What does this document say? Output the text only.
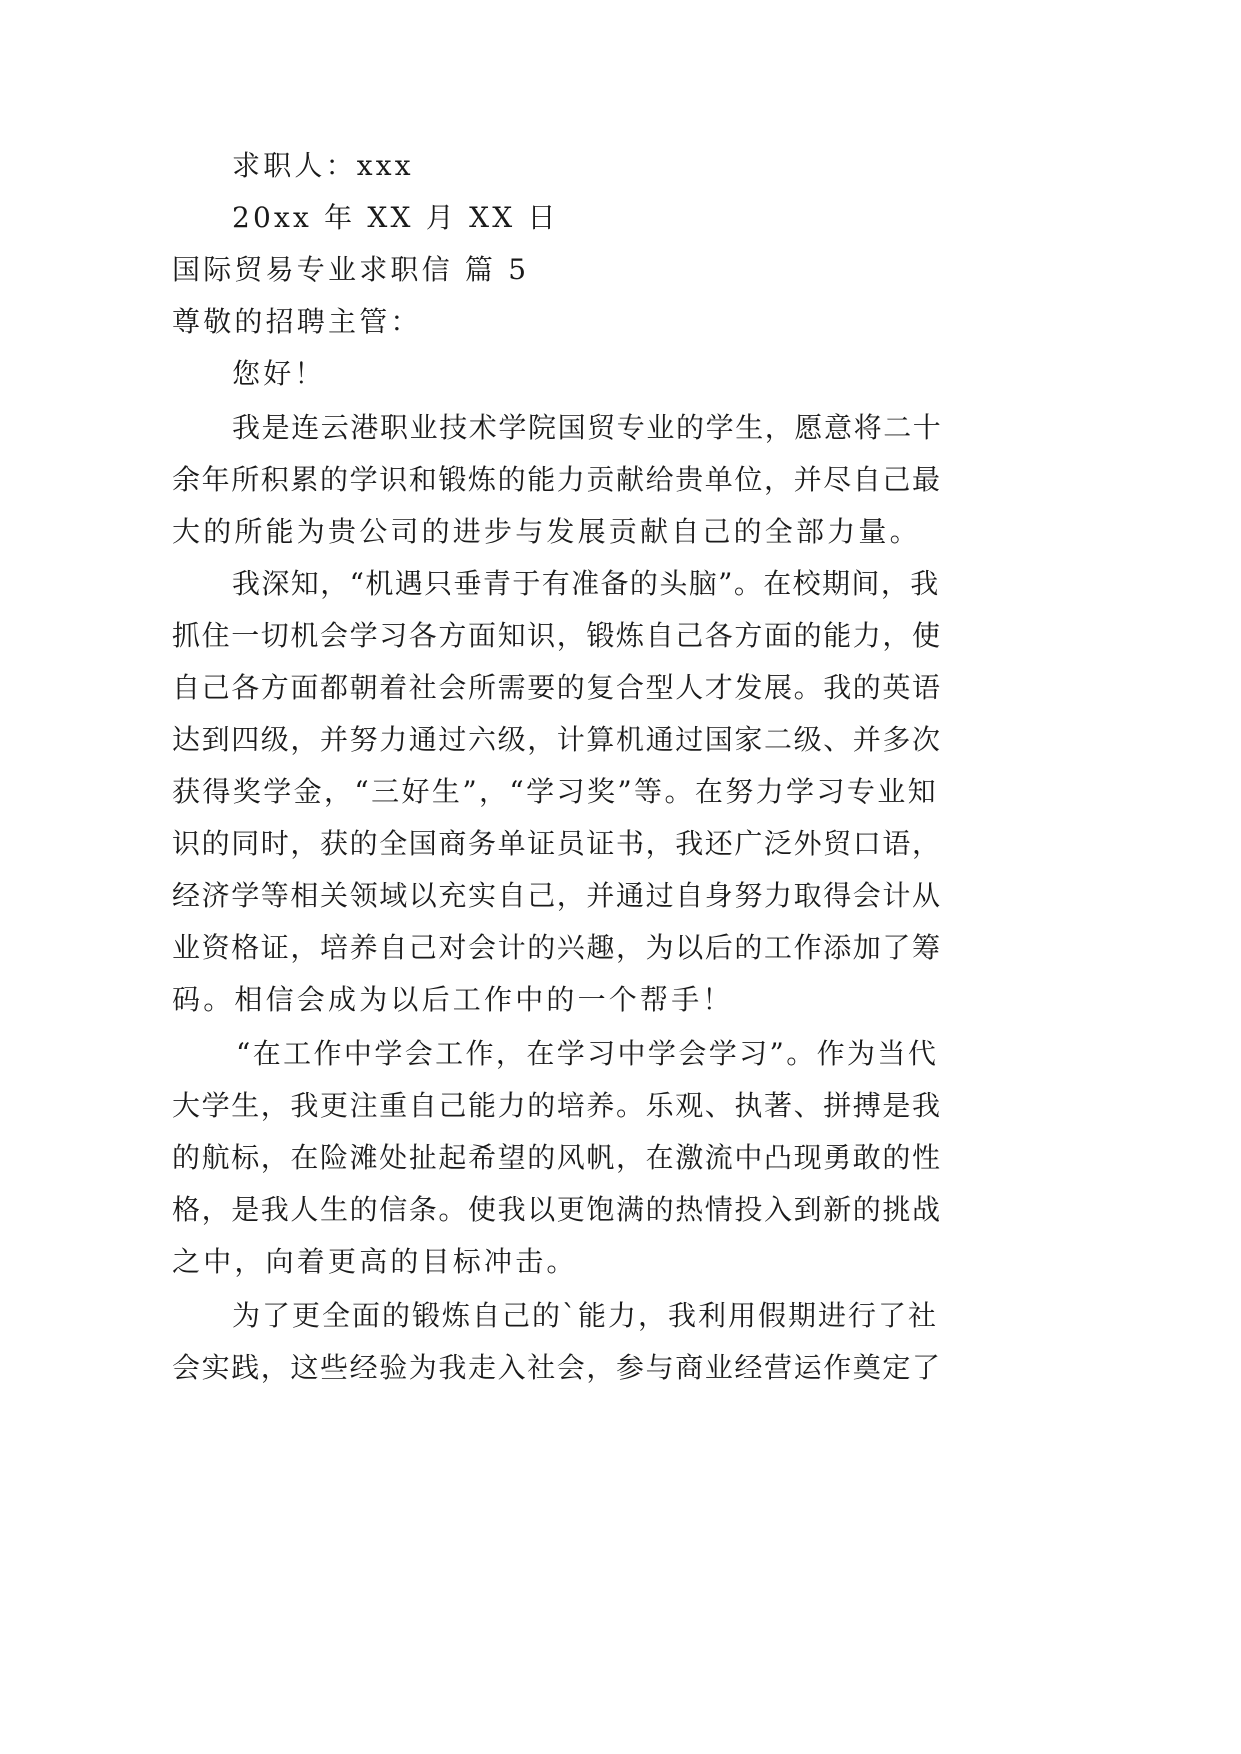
求职人：xxx
20xx 年 XX 月 XX 日
国际贸易专业求职信 篇 5
尊敬的招聘主管：
您好！
我是连云港职业技术学院国贸专业的学生，愿意将二十
余年所积累的学识和锻炼的能力贡献给贵单位，并尽自己最
大的所能为贵公司的进步与发展贡献自己的全部力量。
我深知，“机遇只垂青于有准备的头脑”。在校期间，我
抓住一切机会学习各方面知识，锻炼自己各方面的能力，使
自己各方面都朝着社会所需要的复合型人才发展。我的英语
达到四级，并努力通过六级，计算机通过国家二级、并多次
获得奖学金，“三好生”，“学习奖”等。在努力学习专业知
识的同时，获的全国商务单证员证书，我还广泛外贸口语，
经济学等相关领域以充实自己，并通过自身努力取得会计从
业资格证，培养自己对会计的兴趣，为以后的工作添加了筹
码。相信会成为以后工作中的一个帮手！
“在工作中学会工作，在学习中学会学习”。作为当代
大学生，我更注重自己能力的培养。乐观、执著、拼搏是我
的航标，在险滩处扯起希望的风帆，在激流中凸现勇敢的性
格，是我人生的信条。使我以更饱满的热情投入到新的挑战
之中，向着更高的目标冲击。
为了更全面的锻炼自己的`能力，我利用假期进行了社
会实践，这些经验为我走入社会，参与商业经营运作奠定了
